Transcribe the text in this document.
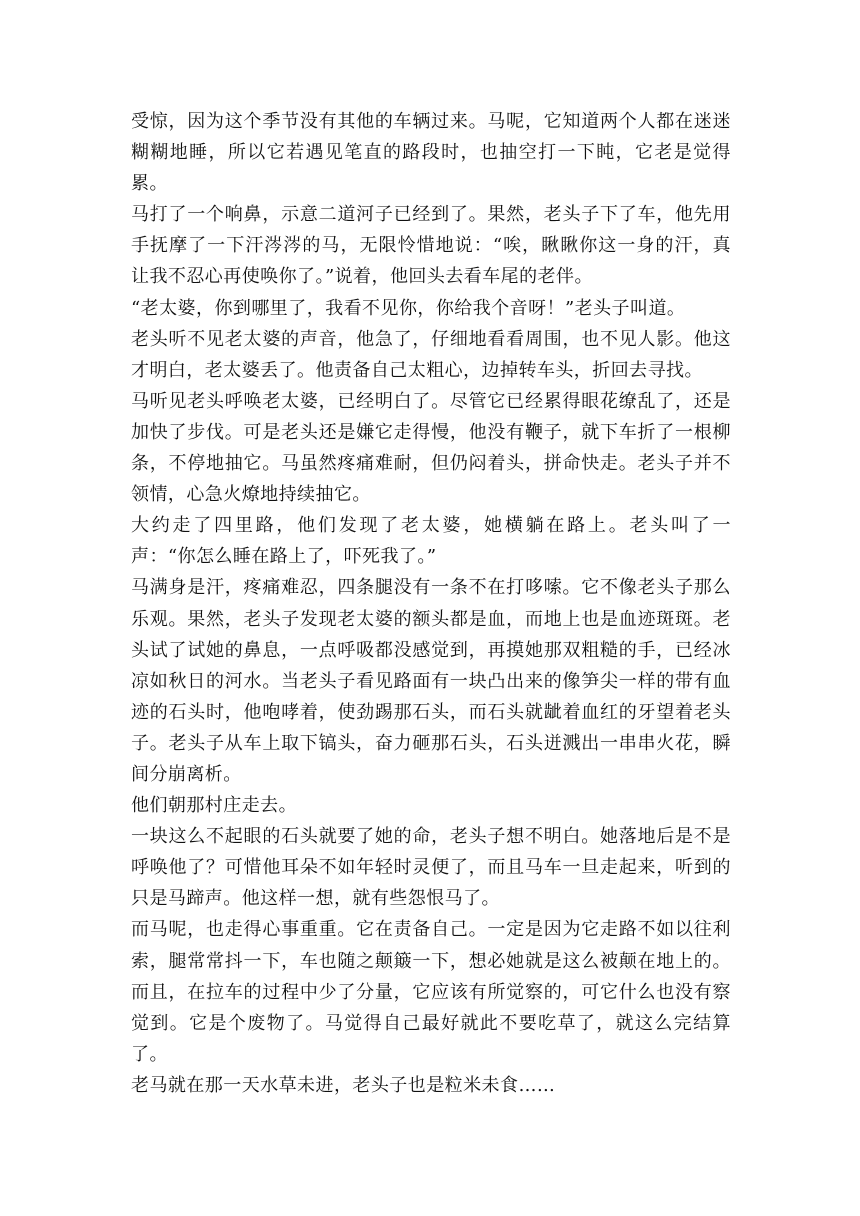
受惊，因为这个季节没有其他的车辆过来。马呢，它知道两个人都在迷迷糊糊地睡，所以它若遇见笔直的路段时，也抽空打一下盹，它老是觉得累。

马打了一个响鼻，示意二道河子已经到了。果然，老头子下了车，他先用手抚摩了一下汗涔涔的马，无限怜惜地说：“唉，瞅瞅你这一身的汗，真让我不忍心再使唤你了。”说着，他回头去看车尾的老伴。

“老太婆，你到哪里了，我看不见你，你给我个音呀！”老头子叫道。

老头听不见老太婆的声音，他急了，仔细地看看周围，也不见人影。他这才明白，老太婆丢了。他责备自己太粗心，边掉转车头，折回去寻找。

马听见老头呼唤老太婆，已经明白了。尽管它已经累得眼花缭乱了，还是加快了步伐。可是老头还是嫌它走得慢，他没有鞭子，就下车折了一根柳条，不停地抽它。马虽然疼痛难耐，但仍闷着头，拼命快走。老头子并不领情，心急火燎地持续抽它。

大约走了四里路，他们发现了老太婆，她横躺在路上。老头叫了一声：“你怎么睡在路上了，吓死我了。”

马满身是汗，疼痛难忍，四条腿没有一条不在打哆嗦。它不像老头子那么乐观。果然，老头子发现老太婆的额头都是血，而地上也是血迹斑斑。老头试了试她的鼻息，一点呼吸都没感觉到，再摸她那双粗糙的手，已经冰凉如秋日的河水。当老头子看见路面有一块凸出来的像笋尖一样的带有血迹的石头时，他咆哮着，使劲踢那石头，而石头就龇着血红的牙望着老头子。老头子从车上取下镐头，奋力砸那石头，石头迸溅出一串串火花，瞬间分崩离析。

他们朝那村庄走去。

一块这么不起眼的石头就要了她的命，老头子想不明白。她落地后是不是呼唤他了？可惜他耳朵不如年轻时灵便了，而且马车一旦走起来，听到的只是马蹄声。他这样一想，就有些怨恨马了。

而马呢，也走得心事重重。它在责备自己。一定是因为它走路不如以往利索，腿常常抖一下，车也随之颠簸一下，想必她就是这么被颠在地上的。而且，在拉车的过程中少了分量，它应该有所觉察的，可它什么也没有察觉到。它是个废物了。马觉得自己最好就此不要吃草了，就这么完结算了。

老马就在那一天水草未进，老头子也是粒米未食……
